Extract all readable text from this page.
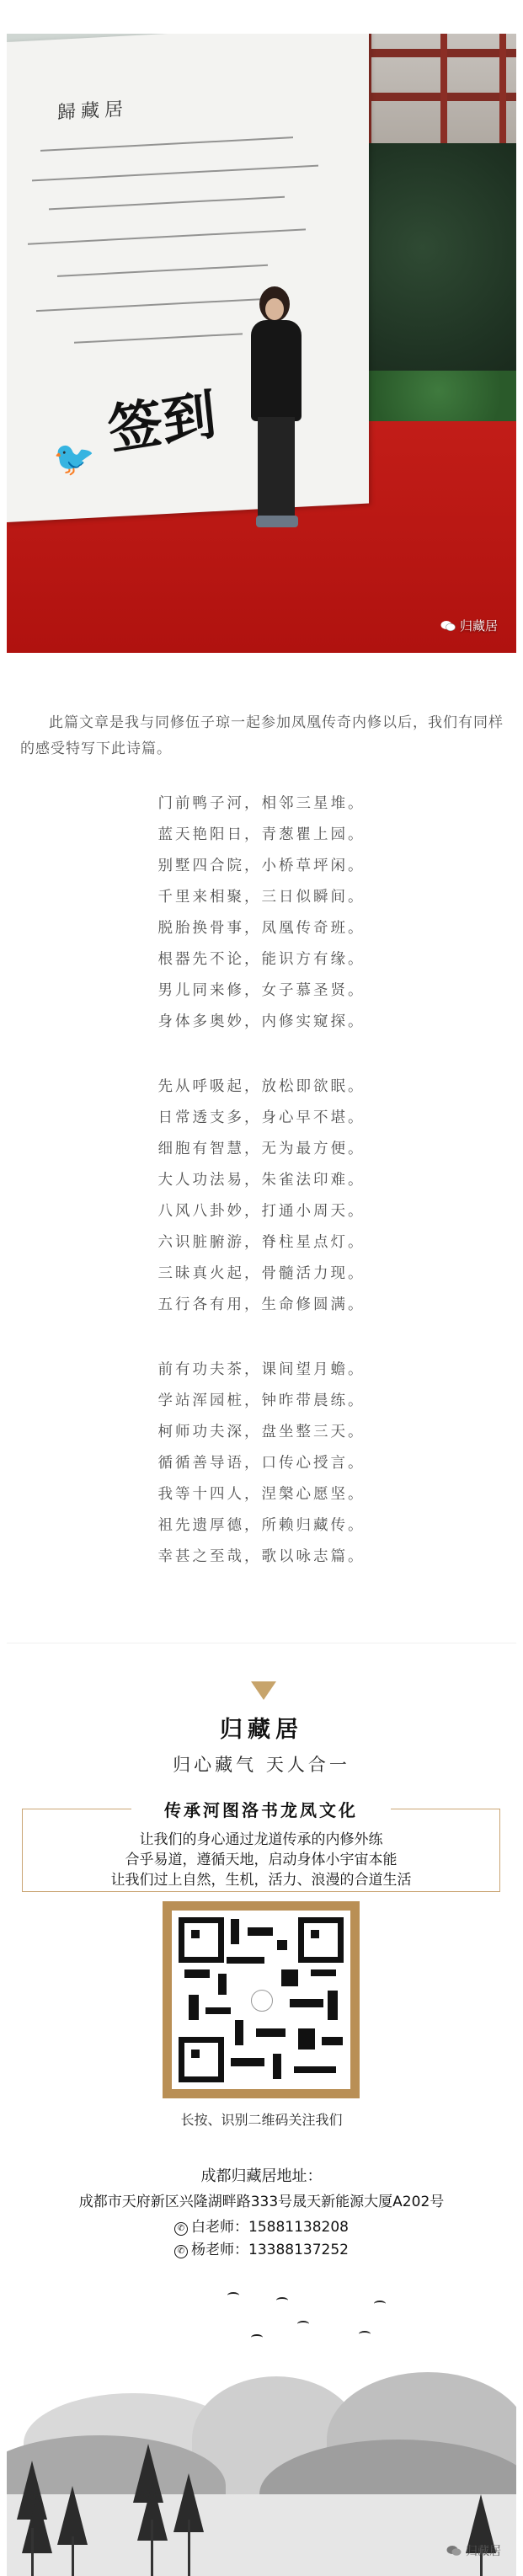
歸藏居
🐦 签到
归藏居

此篇文章是我与同修伍子琼一起参加凤凰传奇内修以后，我们有同样的感受特写下此诗篇。

门前鸭子河，相邻三星堆。
蓝天艳阳日，青葱瞿上园。
别墅四合院，小桥草坪闲。
千里来相聚，三日似瞬间。
脱胎换骨事，凤凰传奇班。
根器先不论，能识方有缘。
男儿同来修，女子慕圣贤。
身体多奥妙，内修实窥探。
先从呼吸起，放松即欲眠。
日常透支多，身心早不堪。
细胞有智慧，无为最方便。
大人功法易，朱雀法印难。
八风八卦妙，打通小周天。
六识脏腑游，脊柱星点灯。
三昧真火起，骨髓活力现。
五行各有用，生命修圆满。
前有功夫茶，课间望月蟾。
学站浑园桩，钟昨带晨练。
柯师功夫深，盘坐整三天。
循循善导语，口传心授言。
我等十四人，涅槃心愿坚。
祖先遗厚德，所赖归藏传。
幸甚之至哉，歌以咏志篇。
归藏居
归心藏气 天人合一
传承河图洛书龙凤文化
让我们的身心通过龙道传承的内修外练
合乎易道，遵循天地，启动身体小宇宙本能
让我们过上自然，生机，活力、浪漫的合道生活
长按、识别二维码关注我们
成都归藏居地址：
成都市天府新区兴隆湖畔路333号晟天新能源大厦A202号
✆ 白老师：15881138208
✆ 杨老师：13388137252
归藏居
